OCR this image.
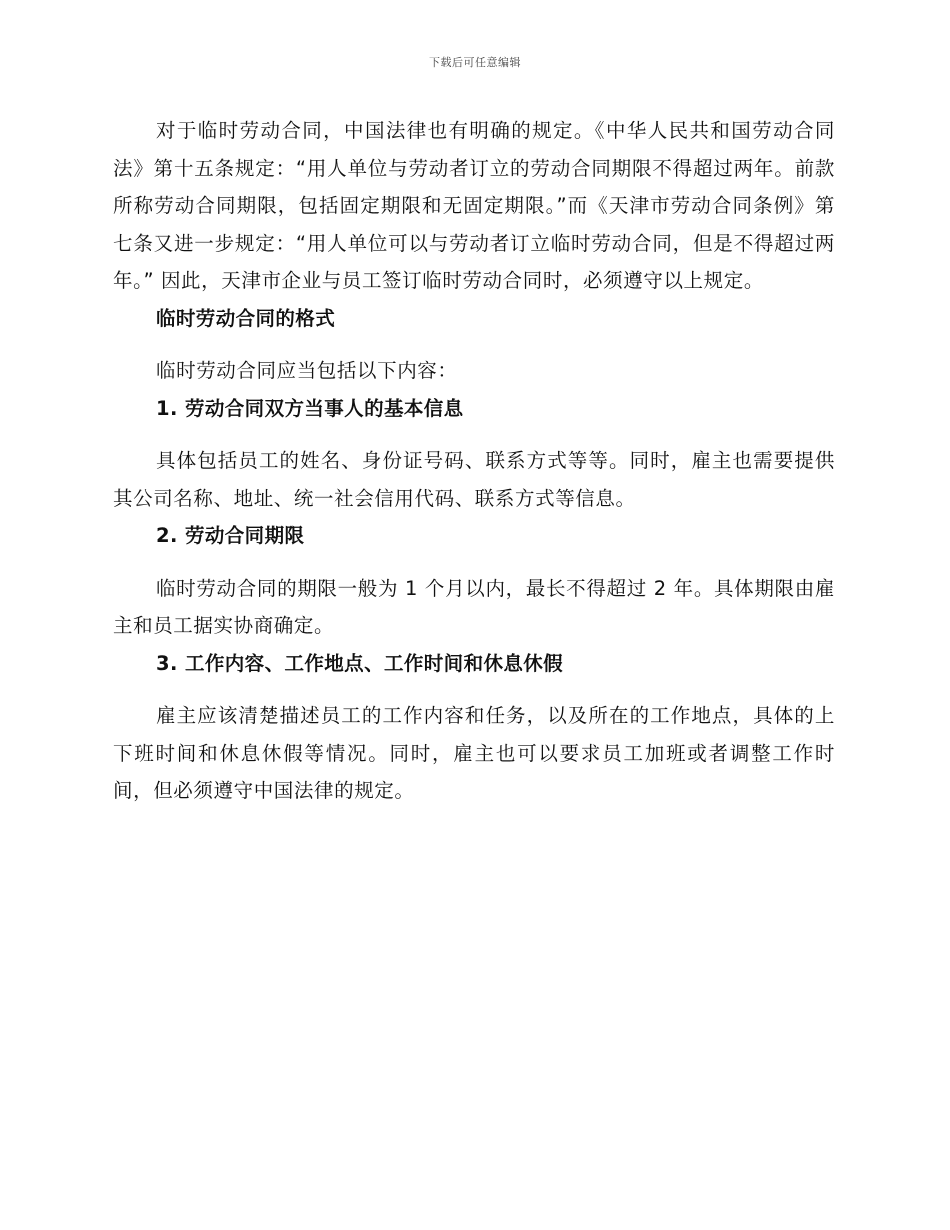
下载后可任意编辑

对于临时劳动合同，中国法律也有明确的规定。《中华人民共和国劳动合同法》第十五条规定：“用人单位与劳动者订立的劳动合同期限不得超过两年。前款所称劳动合同期限，包括固定期限和无固定期限。”而《天津市劳动合同条例》第七条又进一步规定：“用人单位可以与劳动者订立临时劳动合同，但是不得超过两年。” 因此，天津市企业与员工签订临时劳动合同时，必须遵守以上规定。

临时劳动合同的格式

临时劳动合同应当包括以下内容：

1. 劳动合同双方当事人的基本信息

具体包括员工的姓名、身份证号码、联系方式等等。同时，雇主也需要提供其公司名称、地址、统一社会信用代码、联系方式等信息。

2. 劳动合同期限

临时劳动合同的期限一般为 1 个月以内，最长不得超过 2 年。具体期限由雇主和员工据实协商确定。

3. 工作内容、工作地点、工作时间和休息休假

雇主应该清楚描述员工的工作内容和任务，以及所在的工作地点，具体的上下班时间和休息休假等情况。同时，雇主也可以要求员工加班或者调整工作时间，但必须遵守中国法律的规定。
